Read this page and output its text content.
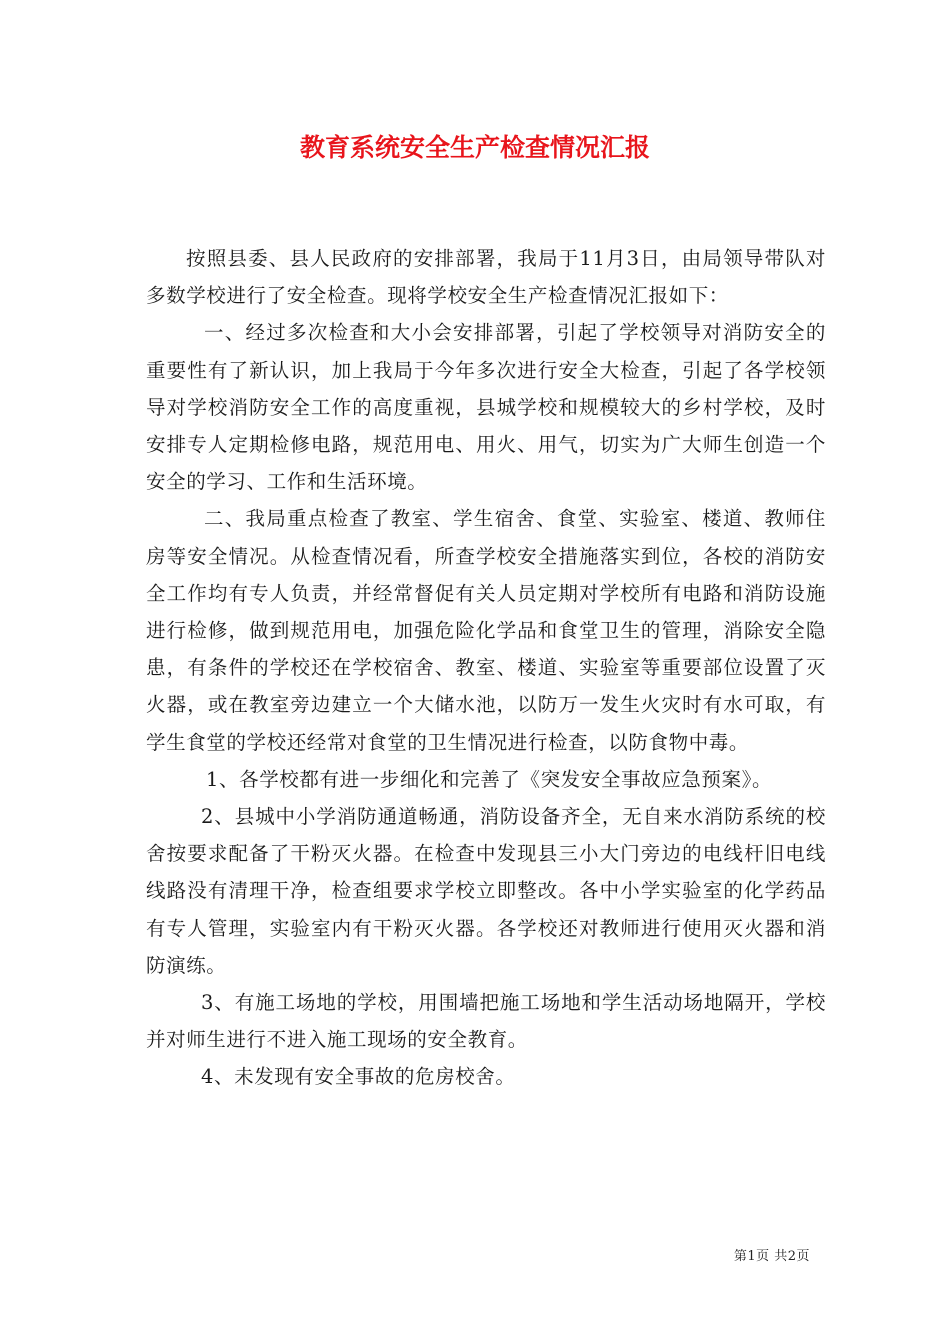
教育系统安全生产检查情况汇报

按照县委、县人民政府的安排部署，我局于11月3日，由局领导带队对多数学校进行了安全检查。现将学校安全生产检查情况汇报如下：

一、经过多次检查和大小会安排部署，引起了学校领导对消防安全的重要性有了新认识，加上我局于今年多次进行安全大检查，引起了各学校领导对学校消防安全工作的高度重视，县城学校和规模较大的乡村学校，及时安排专人定期检修电路，规范用电、用火、用气，切实为广大师生创造一个安全的学习、工作和生活环境。

二、我局重点检查了教室、学生宿舍、食堂、实验室、楼道、教师住房等安全情况。从检查情况看，所查学校安全措施落实到位，各校的消防安全工作均有专人负责，并经常督促有关人员定期对学校所有电路和消防设施进行检修，做到规范用电，加强危险化学品和食堂卫生的管理，消除安全隐患，有条件的学校还在学校宿舍、教室、楼道、实验室等重要部位设置了灭火器，或在教室旁边建立一个大储水池，以防万一发生火灾时有水可取，有学生食堂的学校还经常对食堂的卫生情况进行检查，以防食物中毒。

1、各学校都有进一步细化和完善了《突发安全事故应急预案》。

2、县城中小学消防通道畅通，消防设备齐全，无自来水消防系统的校舍按要求配备了干粉灭火器。在检查中发现县三小大门旁边的电线杆旧电线线路没有清理干净，检查组要求学校立即整改。各中小学实验室的化学药品有专人管理，实验室内有干粉灭火器。各学校还对教师进行使用灭火器和消防演练。

3、有施工场地的学校，用围墙把施工场地和学生活动场地隔开，学校并对师生进行不进入施工现场的安全教育。

4、未发现有安全事故的危房校舍。

第1页 共2页
